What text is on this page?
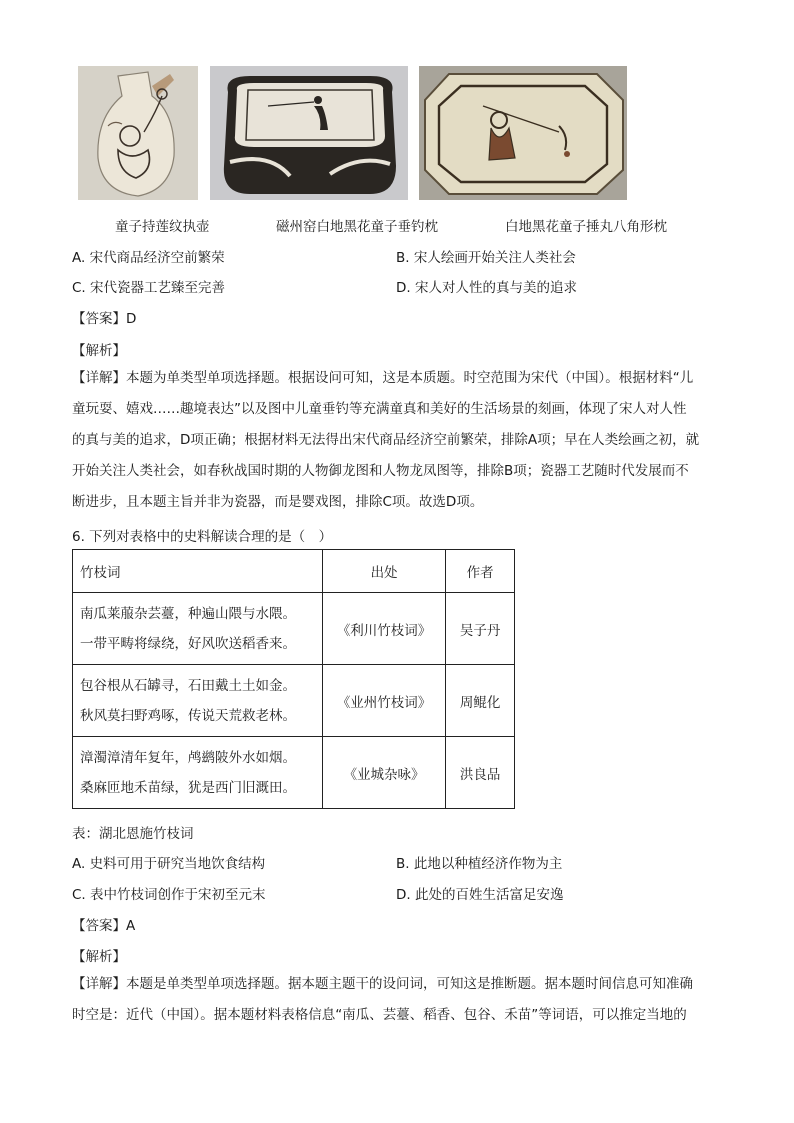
童子持莲纹执壶	磁州窑白地黑花童子垂钓枕	白地黑花童子捶丸八角形枕
A. 宋代商品经济空前繁荣	B. 宋人绘画开始关注人类社会
C. 宋代瓷器工艺臻至完善	D. 宋人对人性的真与美的追求
【答案】D
【解析】
【详解】本题为单类型单项选择题。根据设问可知，这是本质题。时空范围为宋代（中国）。根据材料“儿
童玩耍、嬉戏……趣境表达”以及图中儿童垂钓等充满童真和美好的生活场景的刻画，体现了宋人对人性
的真与美的追求，D项正确；根据材料无法得出宋代商品经济空前繁荣，排除A项；早在人类绘画之初，就
开始关注人类社会，如春秋战国时期的人物御龙图和人物龙凤图等，排除B项；瓷器工艺随时代发展而不
断进步，且本题主旨并非为瓷器，而是婴戏图，排除C项。故选D项。
6. 下列对表格中的史料解读合理的是（　）
竹枝词	出处	作者

南瓜莱菔杂芸薹，种遍山隈与水隈。
一带平畴将绿绕，好风吹送稻香来。	《利川竹枝词》	吴子丹

包谷根从石罅寻，石田戴土土如金。
秋风莫扫野鸡啄，传说天荒救老林。	《业州竹枝词》	周鲲化

漳濁漳清年复年，鸬鹚陂外水如烟。
桑麻匝地禾苗绿，犹是西门旧溉田。	《业城杂咏》	洪良品
表：湖北恩施竹枝词
A. 史料可用于研究当地饮食结构	B. 此地以种植经济作物为主
C. 表中竹枝词创作于宋初至元末	D. 此处的百姓生活富足安逸
【答案】A
【解析】
【详解】本题是单类型单项选择题。据本题主题干的设问词，可知这是推断题。据本题时间信息可知准确
时空是：近代（中国）。据本题材料表格信息“南瓜、芸薹、稻香、包谷、禾苗”等词语，可以推定当地的
